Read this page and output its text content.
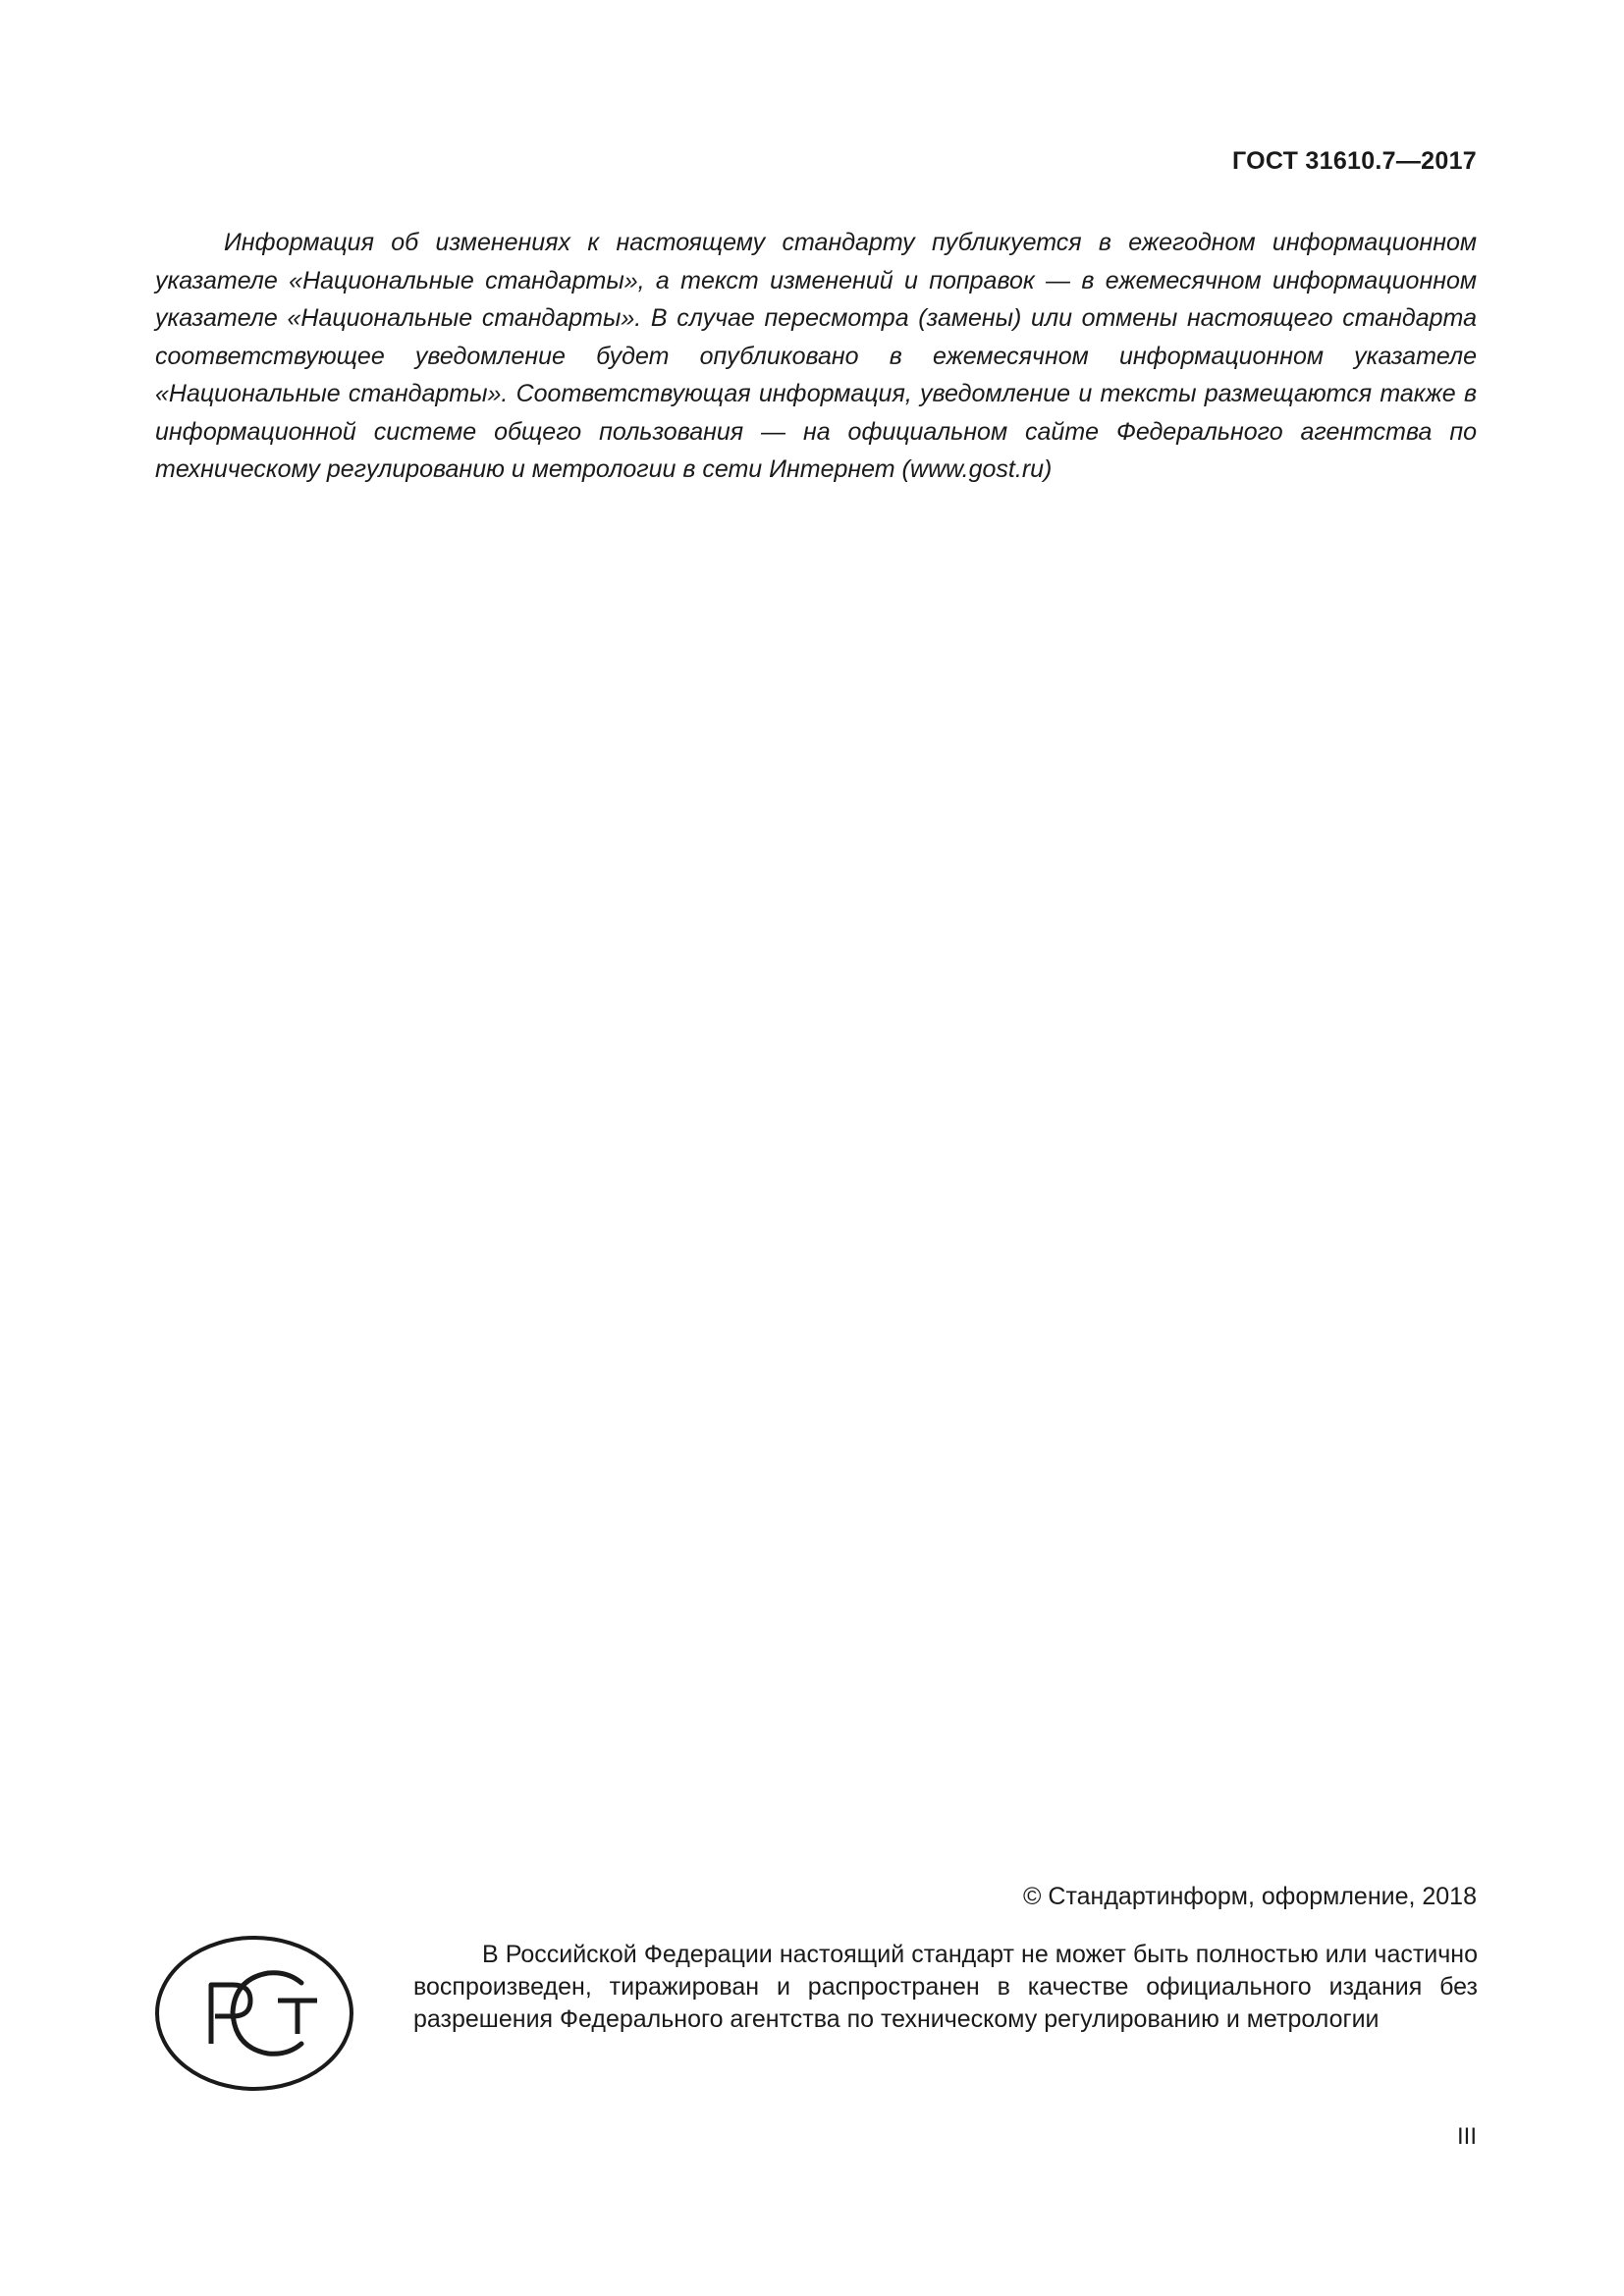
ГОСТ 31610.7—2017

Информация об изменениях к настоящему стандарту публикуется в ежегодном информационном указателе «Национальные стандарты», а текст изменений и поправок — в ежемесячном информационном указателе «Национальные стандарты». В случае пересмотра (замены) или отмены настоящего стандарта соответствующее уведомление будет опубликовано в ежемесячном информационном указателе «Национальные стандарты». Соответствующая информация, уведомление и тексты размещаются также в информационной системе общего пользования — на официальном сайте Федерального агентства по техническому регулированию и метрологии в сети Интернет (www.gost.ru)

© Стандартинформ, оформление, 2018

В Российской Федерации настоящий стандарт не может быть полностью или частично воспроизведен, тиражирован и распространен в качестве официального издания без разрешения Федерального агентства по техническому регулированию и метрологии

III
